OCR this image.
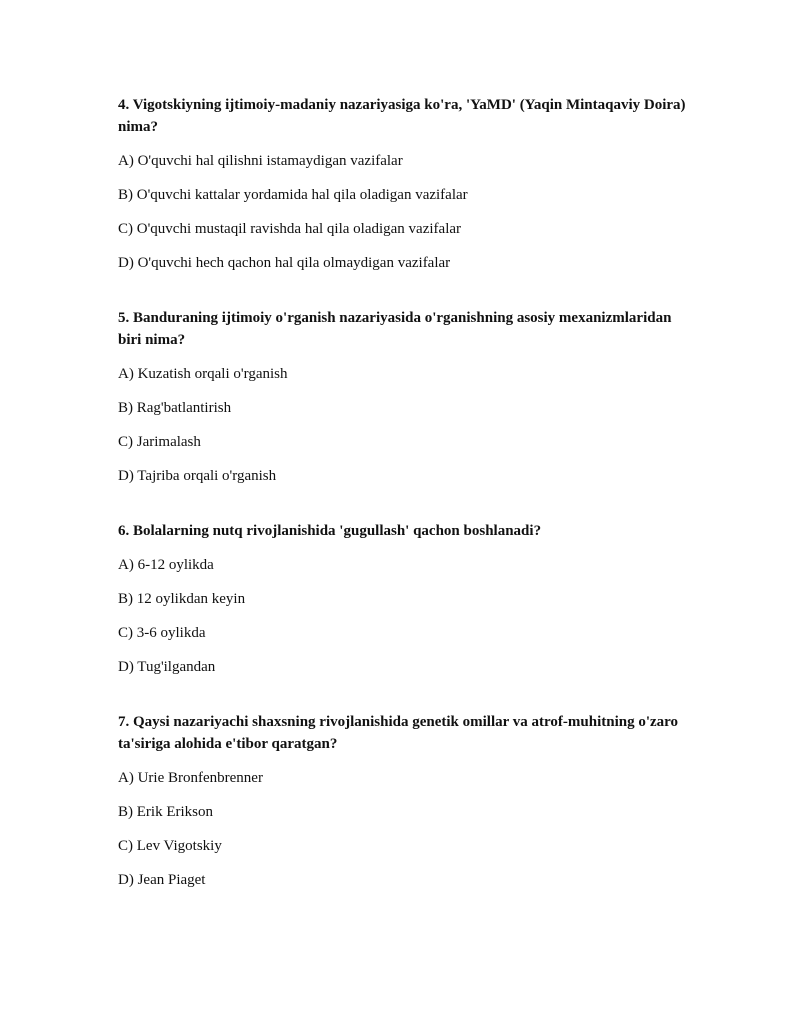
4. Vigotskiyning ijtimoiy-madaniy nazariyasiga ko'ra, 'YaMD' (Yaqin Mintaqaviy Doira) nima?
A) O'quvchi hal qilishni istamaydigan vazifalar
B) O'quvchi kattalar yordamida hal qila oladigan vazifalar
C) O'quvchi mustaqil ravishda hal qila oladigan vazifalar
D) O'quvchi hech qachon hal qila olmaydigan vazifalar
5. Banduraning ijtimoiy o'rganish nazariyasida o'rganishning asosiy mexanizmlaridan biri nima?
A) Kuzatish orqali o'rganish
B) Rag'batlantirish
C) Jarimalash
D) Tajriba orqali o'rganish
6. Bolalarning nutq rivojlanishida 'gugullash' qachon boshlanadi?
A) 6-12 oylikda
B) 12 oylikdan keyin
C) 3-6 oylikda
D) Tug'ilgandan
7. Qaysi nazariyachi shaxsning rivojlanishida genetik omillar va atrof-muhitning o'zaro ta'siriga alohida e'tibor qaratgan?
A) Urie Bronfenbrenner
B) Erik Erikson
C) Lev Vigotskiy
D) Jean Piaget
